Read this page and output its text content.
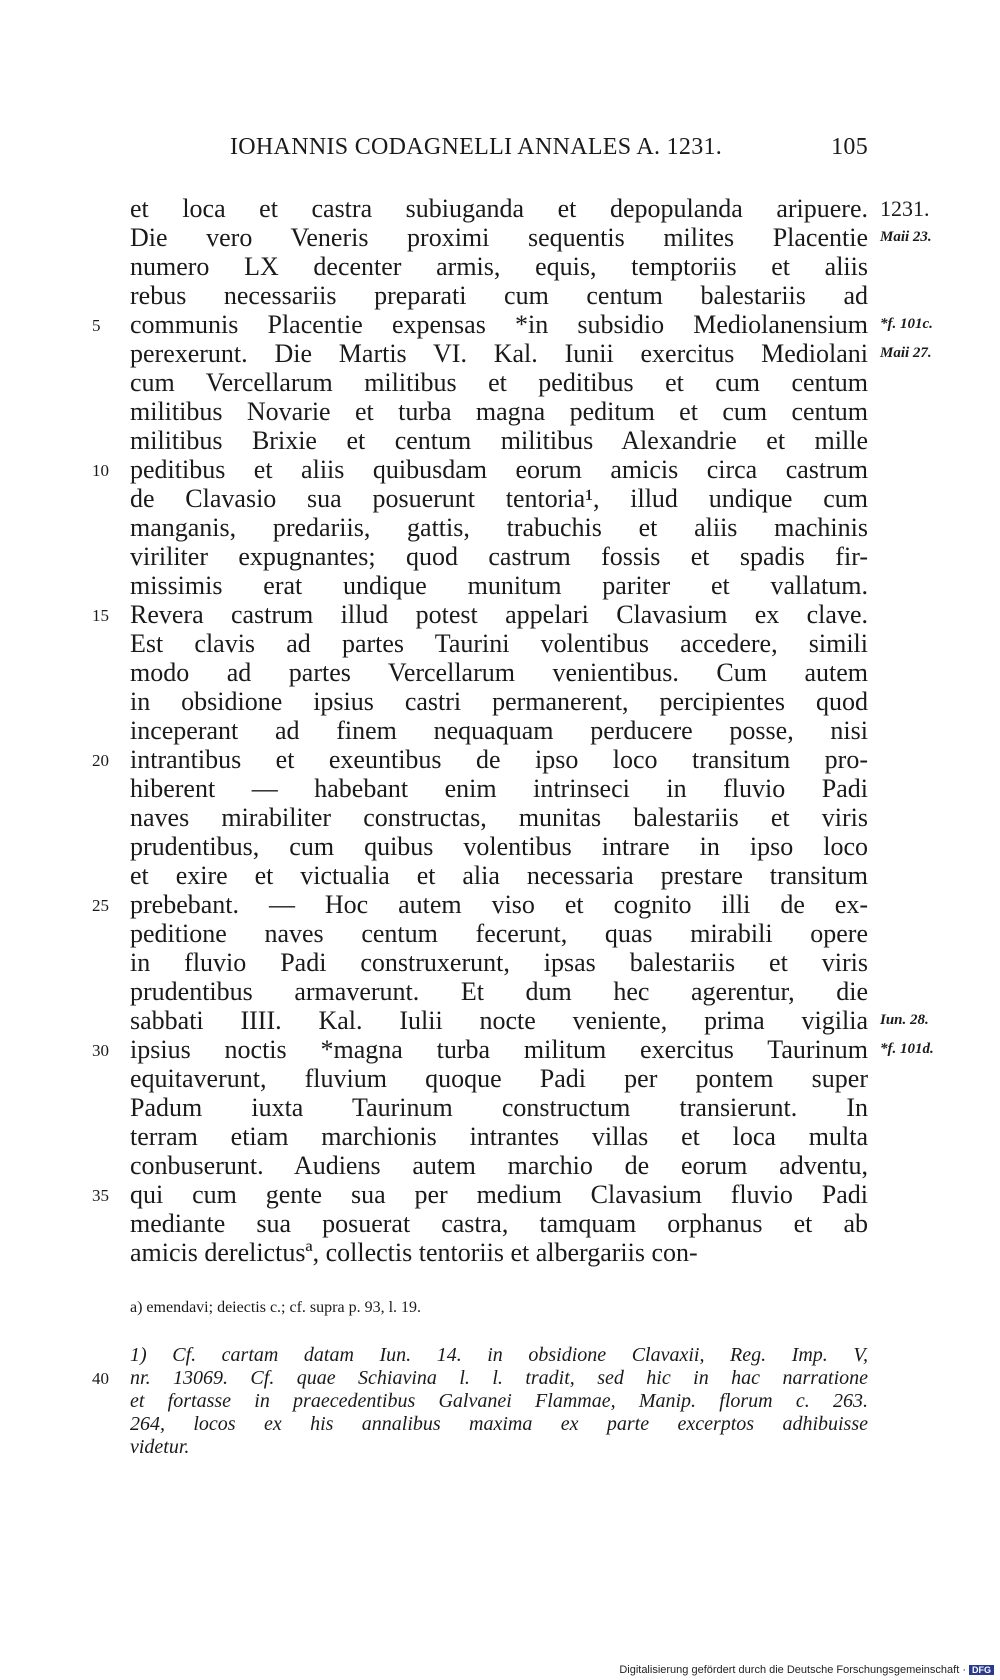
IOHANNIS CODAGNELLI ANNALES A. 1231.	105
et loca et castra subiuganda et depopulanda aripuere. 1231.
Die vero Veneris proximi sequentis milites Placentie Maii 23.
numero LX decenter armis, equis, temptoriis et aliis
rebus necessariis preparati cum centum balestariis ad
5	communis Placentie expensas *in subsidio Mediolanensium *f. 101c.
perexerunt. Die Martis VI. Kal. Iunii exercitus Mediolani Maii 27.
cum Vercellarum militibus et peditibus et cum centum
militibus Novarie et turba magna peditum et cum centum
militibus Brixie et centum militibus Alexandrie et mille
10 peditibus et aliis quibusdam eorum amicis circa castrum
de Clavasio sua posuerunt tentoria¹, illud undique cum
manganis, predariis, gattis, trabuchis et aliis machinis
viriliter expugnantes; quod castrum fossis et spadis fir-
missimis erat undique munitum pariter et vallatum.
15 Revera castrum illud potest appelari Clavasium ex clave.
Est clavis ad partes Taurini volentibus accedere, simili
modo ad partes Vercellarum venientibus. Cum autem
in obsidione ipsius castri permanerent, percipientes quod
inceperant ad finem nequaquam perducere posse, nisi
20 intrantibus et exeuntibus de ipso loco transitum pro-
hiberent — habebant enim intrinseci in fluvio Padi
naves mirabiliter constructas, munitas balestariis et viris
prudentibus, cum quibus volentibus intrare in ipso loco
et exire et victualia et alia necessaria prestare transitum
25 prebebant. — Hoc autem viso et cognito illi de ex-
peditione naves centum fecerunt, quas mirabili opere
in fluvio Padi construxerunt, ipsas balestariis et viris
prudentibus armaverunt. Et dum hec agerentur, die
sabbati IIII. Kal. Iulii nocte veniente, prima vigilia Iun. 28.
30 ipsius noctis *magna turba militum exercitus Taurinum *f. 101d.
equitaverunt, fluvium quoque Padi per pontem super
Padum iuxta Taurinum constructum transierunt. In
terram etiam marchionis intrantes villas et loca multa
conbuserunt. Audiens autem marchio de eorum adventu,
35 qui cum gente sua per medium Clavasium fluvio Padi
mediante sua posuerat castra, tamquam orphanus et ab
amicis derelictusª, collectis tentoriis et albergariis con-
a) emendavi; deiectis c.; cf. supra p. 93, l. 19.
1) Cf. cartam datam Iun. 14. in obsidione Clavaxii, Reg. Imp. V,
40 nr. 13069. Cf. quae Schiavina l. l. tradit, sed hic in hac narratione
et fortasse in praecedentibus Galvanei Flammae, Manip. florum c. 263.
264, locos ex his annalibus maxima ex parte excerptos adhibuisse
videtur.
Digitalisierung gefördert durch die Deutsche Forschungsgemeinschaft · DFG
